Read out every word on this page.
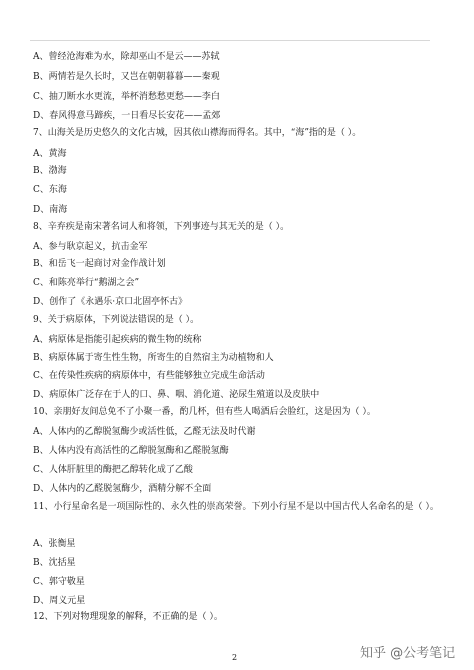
A、曾经沧海难为水，除却巫山不是云——苏轼
B、两情若是久长时，又岂在朝朝暮暮——秦观
C、抽刀断水水更流，举杯消愁愁更愁——李白
D、春风得意马蹄疾，一日看尽长安花——孟郊
7、山海关是历史悠久的文化古城，因其依山襟海而得名。其中，“海”指的是（ ）。
A、黄海
B、渤海
C、东海
D、南海
8、辛弃疾是南宋著名词人和将领，下列事迹与其无关的是（ ）。
A、参与耿京起义，抗击金军
B、和岳飞一起商讨对金作战计划
C、和陈亮举行“鹅湖之会”
D、创作了《永遇乐·京口北固亭怀古》
9、关于病原体，下列说法错误的是（ ）。
A、病原体是指能引起疾病的微生物的统称
B、病原体属于寄生性生物，所寄生的自然宿主为动植物和人
C、在传染性疾病的病原体中，有些能够独立完成生命活动
D、病原体广泛存在于人的口、鼻、咽、消化道、泌尿生殖道以及皮肤中
10、亲朋好友间总免不了小聚一番，酌几杯，但有些人喝酒后会脸红，这是因为（ ）。
A、人体内的乙醇脱氢酶少或活性低，乙醛无法及时代谢
B、人体内没有高活性的乙醇脱氢酶和乙醛脱氢酶
C、人体肝脏里的酶把乙醇转化成了乙酸
D、人体内的乙醛脱氢酶少，酒精分解不全面
11、小行星命名是一项国际性的、永久性的崇高荣誉。下列小行星不是以中国古代人名命名的是（ ）。
A、张衡星
B、沈括星
C、郭守敬星
D、周义元星
12、下列对物理现象的解释，不正确的是（ ）。
2	知乎 @公考笔记
